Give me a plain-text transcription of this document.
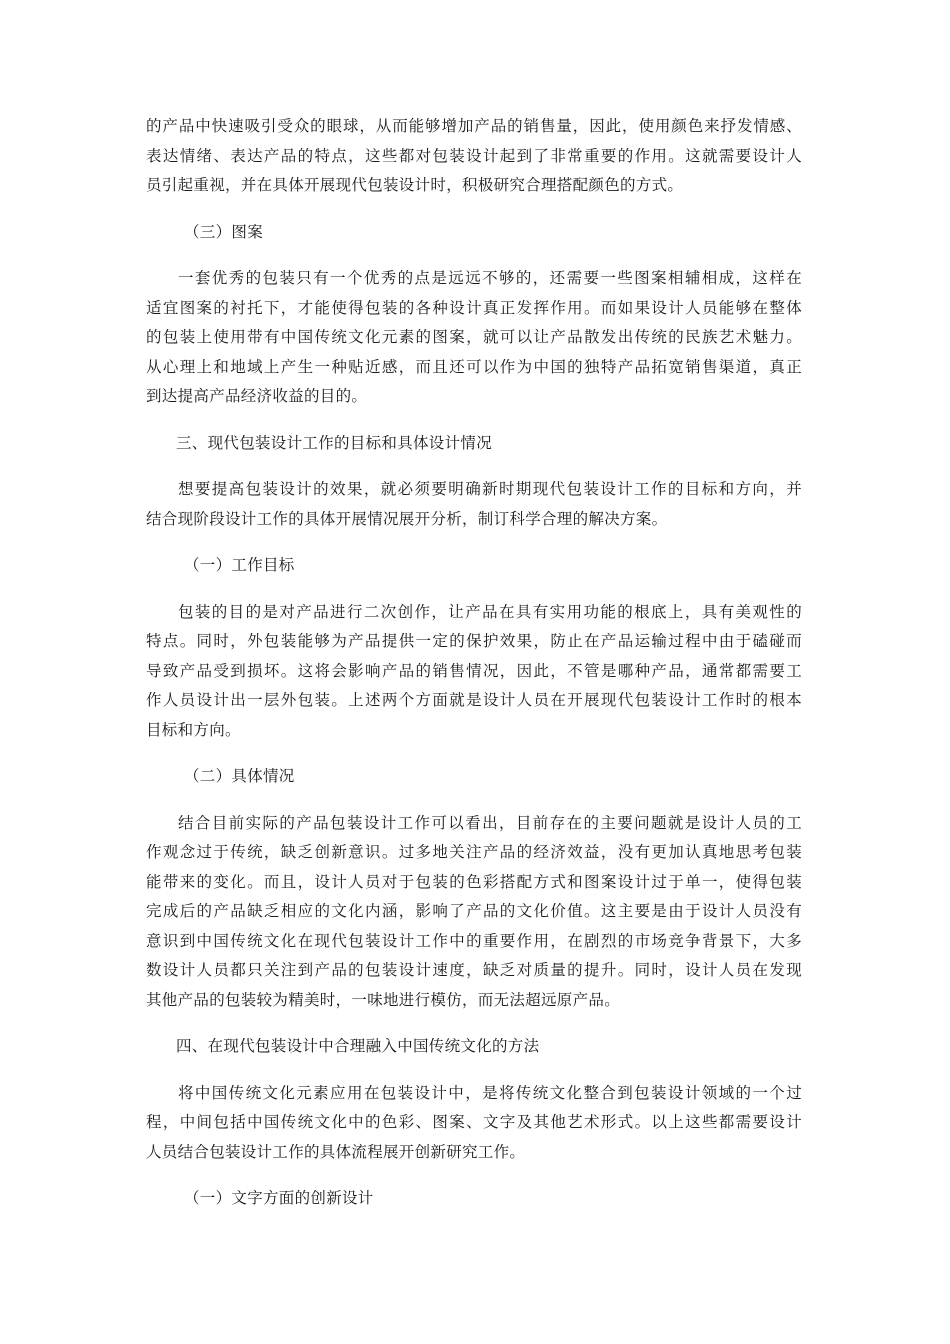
的产品中快速吸引受众的眼球，从而能够增加产品的销售量，因此，使用颜色来抒发情感、
表达情绪、表达产品的特点，这些都对包装设计起到了非常重要的作用。这就需要设计人
员引起重视，并在具体开展现代包装设计时，积极研究合理搭配颜色的方式。
（三）图案
一套优秀的包装只有一个优秀的点是远远不够的，还需要一些图案相辅相成，这样在
适宜图案的衬托下，才能使得包装的各种设计真正发挥作用。而如果设计人员能够在整体
的包装上使用带有中国传统文化元素的图案，就可以让产品散发出传统的民族艺术魅力。
从心理上和地域上产生一种贴近感，而且还可以作为中国的独特产品拓宽销售渠道，真正
到达提高产品经济收益的目的。
三、现代包装设计工作的目标和具体设计情况
想要提高包装设计的效果，就必须要明确新时期现代包装设计工作的目标和方向，并
结合现阶段设计工作的具体开展情况展开分析，制订科学合理的解决方案。
（一）工作目标
包装的目的是对产品进行二次创作，让产品在具有实用功能的根底上，具有美观性的
特点。同时，外包装能够为产品提供一定的保护效果，防止在产品运输过程中由于磕碰而
导致产品受到损坏。这将会影响产品的销售情况，因此，不管是哪种产品，通常都需要工
作人员设计出一层外包装。上述两个方面就是设计人员在开展现代包装设计工作时的根本
目标和方向。
（二）具体情况
结合目前实际的产品包装设计工作可以看出，目前存在的主要问题就是设计人员的工
作观念过于传统，缺乏创新意识。过多地关注产品的经济效益，没有更加认真地思考包装
能带来的变化。而且，设计人员对于包装的色彩搭配方式和图案设计过于单一，使得包装
完成后的产品缺乏相应的文化内涵，影响了产品的文化价值。这主要是由于设计人员没有
意识到中国传统文化在现代包装设计工作中的重要作用，在剧烈的市场竞争背景下，大多
数设计人员都只关注到产品的包装设计速度，缺乏对质量的提升。同时，设计人员在发现
其他产品的包装较为精美时，一味地进行模仿，而无法超远原产品。
四、在现代包装设计中合理融入中国传统文化的方法
将中国传统文化元素应用在包装设计中，是将传统文化整合到包装设计领域的一个过
程，中间包括中国传统文化中的色彩、图案、文字及其他艺术形式。以上这些都需要设计
人员结合包装设计工作的具体流程展开创新研究工作。
（一）文字方面的创新设计
